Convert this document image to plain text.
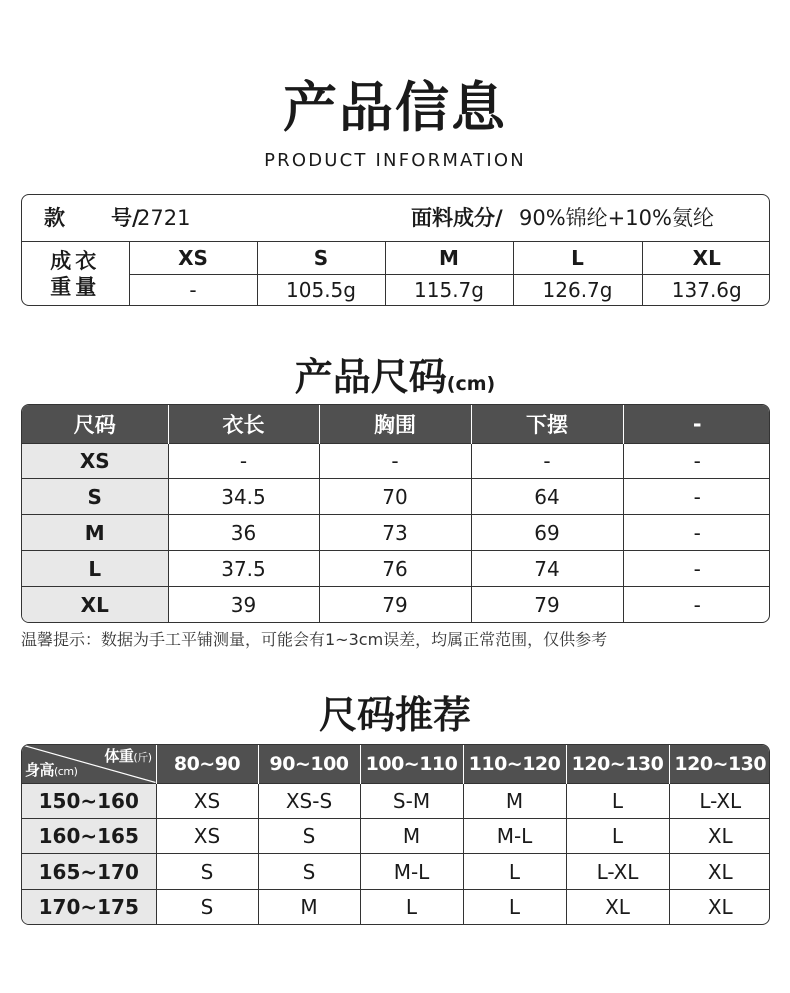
产品信息
PRODUCT INFORMATION
款 号/
2721	面料成分/ 90%锦纶+10%氨纶
成衣
重量	XS	S	M	L	XL
	-	105.5g	115.7g	126.7g	137.6g
产品尺码(cm)
尺码	衣长	胸围	下摆	-
XS	-	-	-	-
S	34.5	70	64	-
M	36	73	69	-
L	37.5	76	74	-
XL	39	79	79	-
温馨提示：数据为手工平铺测量，可能会有1~3cm误差，均属正常范围，仅供参考
尺码推荐
体重(斤)
身高(cm)	80~90	90~100	100~110	110~120	120~130	120~130
150~160	XS	XS-S	S-M	M	L	L-XL
160~165	XS	S	M	M-L	L	XL
165~170	S	S	M-L	L	L-XL	XL
170~175	S	M	L	L	XL	XL
